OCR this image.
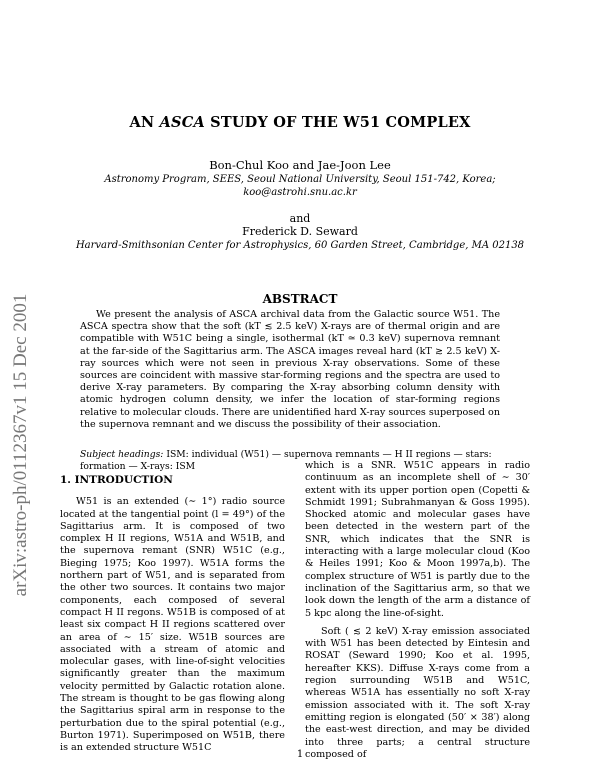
arXiv:astro-ph/0112367v1 15 Dec 2001
AN ASCA STUDY OF THE W51 COMPLEX
Bon-Chul Koo and Jae-Joon Lee
Astronomy Program, SEES, Seoul National University, Seoul 151-742, Korea;
koo@astrohi.snu.ac.kr
and
Frederick D. Seward
Harvard-Smithsonian Center for Astrophysics, 60 Garden Street, Cambridge, MA 02138
ABSTRACT
We present the analysis of ASCA archival data from the Galactic source W51. The ASCA spectra show that the soft (kT ≲ 2.5 keV) X-rays are of thermal origin and are compatible with W51C being a single, isothermal (kT ≃ 0.3 keV) supernova remnant at the far-side of the Sagittarius arm. The ASCA images reveal hard (kT ≳ 2.5 keV) X-ray sources which were not seen in previous X-ray observations. Some of these sources are coincident with massive star-forming regions and the spectra are used to derive X-ray parameters. By comparing the X-ray absorbing column density with atomic hydrogen column density, we infer the location of star-forming regions relative to molecular clouds. There are unidentified hard X-ray sources superposed on the supernova remnant and we discuss the possibility of their association.
Subject headings: ISM: individual (W51) — supernova remnants — H II regions — stars: formation — X-rays: ISM
1. INTRODUCTION

W51 is an extended (∼ 1°) radio source located at the tangential point (l = 49°) of the Sagittarius arm. It is composed of two complex H II regions, W51A and W51B, and the supernova remant (SNR) W51C (e.g., Bieging 1975; Koo 1997). W51A forms the northern part of W51, and is separated from the other two sources. It contains two major components, each composed of several compact H II regons. W51B is composed of at least six compact H II regions scattered over an area of ∼ 15′ size. W51B sources are associated with a stream of atomic and molecular gases, with line-of-sight velocities significantly greater than the maximum velocity permitted by Galactic rotation alone. The stream is thought to be gas flowing along the Sagittarius spiral arm in response to the perturbation due to the spiral potential (e.g., Burton 1971). Superimposed on W51B, there is an extended structure W51C

which is a SNR. W51C appears in radio continuum as an incomplete shell of ∼ 30′ extent with its upper portion open (Copetti & Schmidt 1991; Subrahmanyan & Goss 1995). Shocked atomic and molecular gases have been detected in the western part of the SNR, which indicates that the SNR is interacting with a large molecular cloud (Koo & Heiles 1991; Koo & Moon 1997a,b). The complex structure of W51 is partly due to the inclination of the Sagittarius arm, so that we look down the length of the arm a distance of 5 kpc along the line-of-sight.

Soft ( ≲ 2 keV) X-ray emission associated with W51 has been detected by Eintesin and ROSAT (Seward 1990; Koo et al. 1995, hereafter KKS). Diffuse X-rays come from a region surrounding W51B and W51C, whereas W51A has essentially no soft X-ray emission associated with it. The soft X-ray emitting region is elongated (50′ × 38′) along the east-west direction, and may be divided into three parts; a central structure composed of

1
